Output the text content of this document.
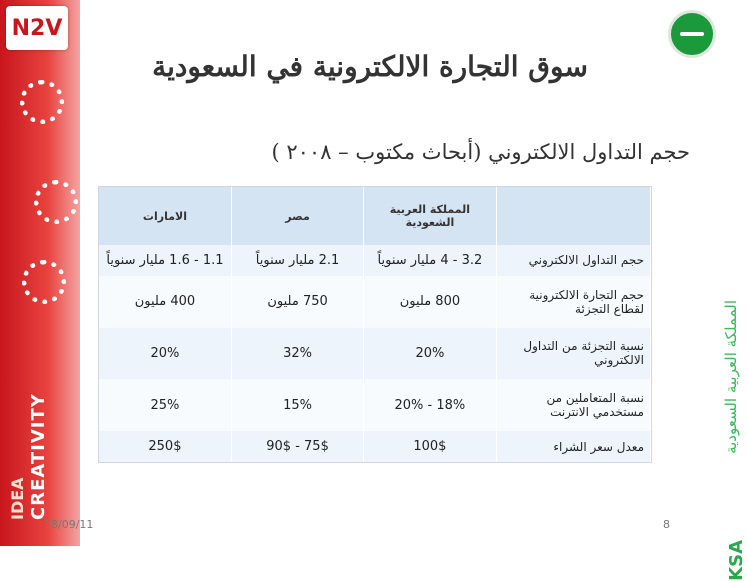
N2V
IDEA CREATIVITY
المملكة العربية السعودية
KSA
سوق التجارة الالكترونية في السعودية
حجم التداول الالكتروني (أبحاث مكتوب – ٢٠٠٨ )
	المملكة العربية الشعودية	مصر	الامارات
حجم التداول الالكتروني	3.2 - 4 مليار سنوياً	2.1 مليار سنوياً	1.1 - 1.6 مليار سنوياً
حجم التجارة الالكترونية لقطاع التجزئة	800 مليون	750 مليون	400 مليون
نسبة التجزئة من التداول الالكتروني	20%	32%	20%
نسبة المتعاملين من مستخدمي الانترنت	18% - 20%	15%	25%
معدل سعر الشراء	100$	75$ - 90$	250$
18/09/11	8
